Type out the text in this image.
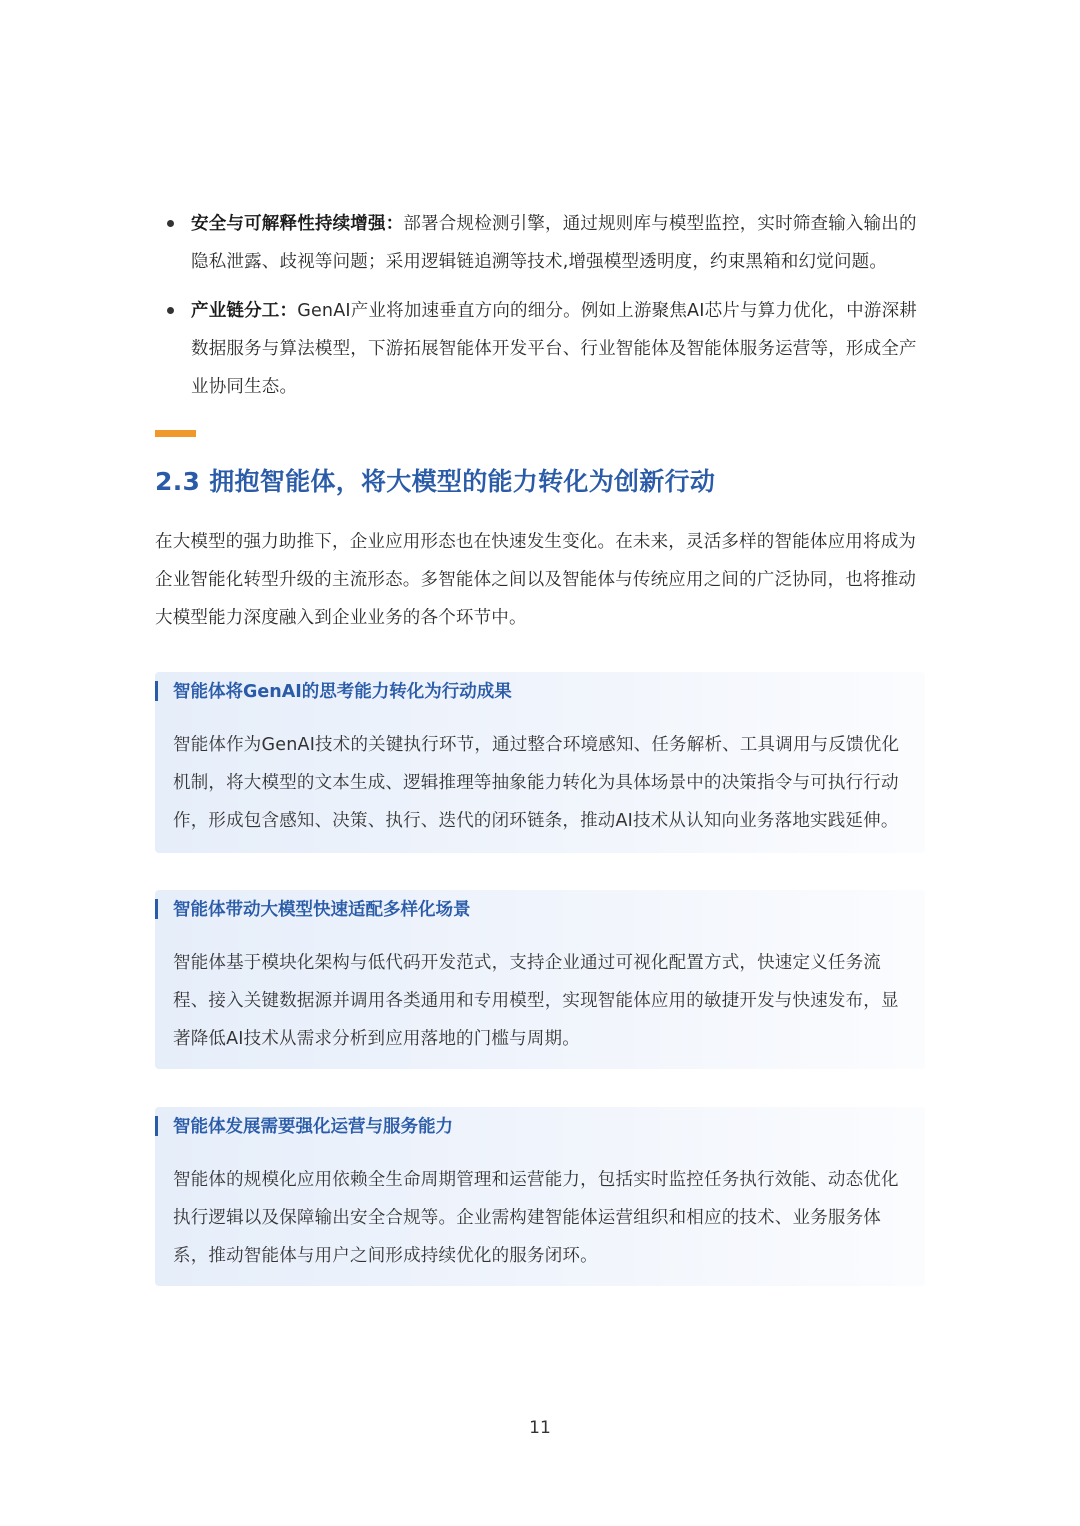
安全与可解释性持续增强：部署合规检测引擎，通过规则库与模型监控，实时筛查输入输出的隐私泄露、歧视等问题；采用逻辑链追溯等技术,增强模型透明度，约束黑箱和幻觉问题。
产业链分工：GenAI产业将加速垂直方向的细分。例如上游聚焦AI芯片与算力优化，中游深耕数据服务与算法模型，下游拓展智能体开发平台、行业智能体及智能体服务运营等，形成全产业协同生态。
2.3 拥抱智能体，将大模型的能力转化为创新行动

在大模型的强力助推下，企业应用形态也在快速发生变化。在未来，灵活多样的智能体应用将成为企业智能化转型升级的主流形态。多智能体之间以及智能体与传统应用之间的广泛协同，也将推动大模型能力深度融入到企业业务的各个环节中。

智能体将GenAI的思考能力转化为行动成果

智能体作为GenAI技术的关键执行环节，通过整合环境感知、任务解析、工具调用与反馈优化机制，将大模型的文本生成、逻辑推理等抽象能力转化为具体场景中的决策指令与可执行行动作，形成包含感知、决策、执行、迭代的闭环链条，推动AI技术从认知向业务落地实践延伸。

智能体带动大模型快速适配多样化场景

智能体基于模块化架构与低代码开发范式，支持企业通过可视化配置方式，快速定义任务流程、接入关键数据源并调用各类通用和专用模型，实现智能体应用的敏捷开发与快速发布，显著降低AI技术从需求分析到应用落地的门槛与周期。

智能体发展需要强化运营与服务能力

智能体的规模化应用依赖全生命周期管理和运营能力，包括实时监控任务执行效能、动态优化执行逻辑以及保障输出安全合规等。企业需构建智能体运营组织和相应的技术、业务服务体系，推动智能体与用户之间形成持续优化的服务闭环。

11
